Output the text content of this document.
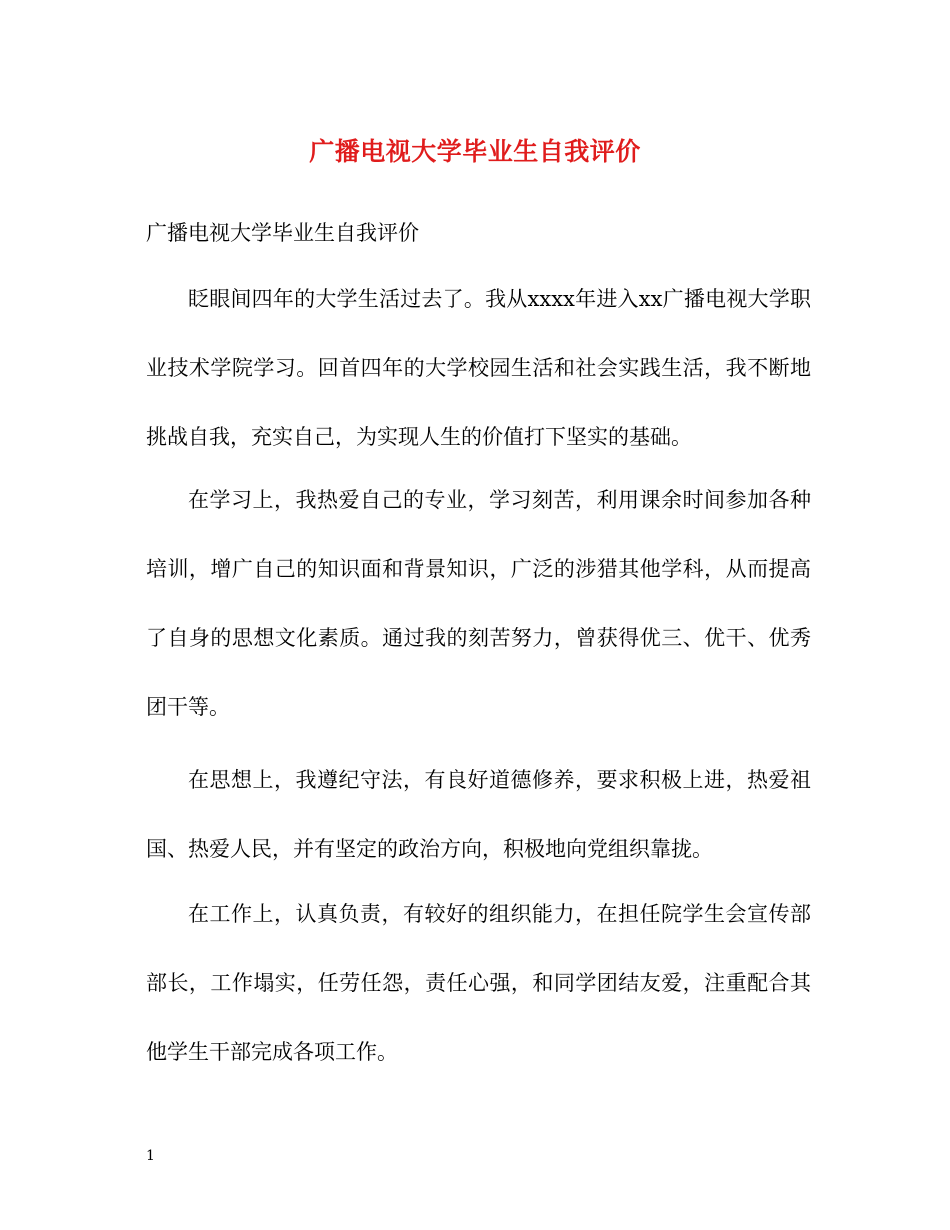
广播电视大学毕业生自我评价
广播电视大学毕业生自我评价

眨眼间四年的大学生活过去了。我从xxxx年进入xx广播电视大学职业技术学院学习。回首四年的大学校园生活和社会实践生活，我不断地挑战自我，充实自己，为实现人生的价值打下坚实的基础。

在学习上，我热爱自己的专业，学习刻苦，利用课余时间参加各种培训，增广自己的知识面和背景知识，广泛的涉猎其他学科，从而提高了自身的思想文化素质。通过我的刻苦努力，曾获得优三、优干、优秀团干等。

在思想上，我遵纪守法，有良好道德修养，要求积极上进，热爱祖国、热爱人民，并有坚定的政治方向，积极地向党组织靠拢。

在工作上，认真负责，有较好的组织能力，在担任院学生会宣传部部长，工作塌实，任劳任怨，责任心强，和同学团结友爱，注重配合其他学生干部完成各项工作。

1
